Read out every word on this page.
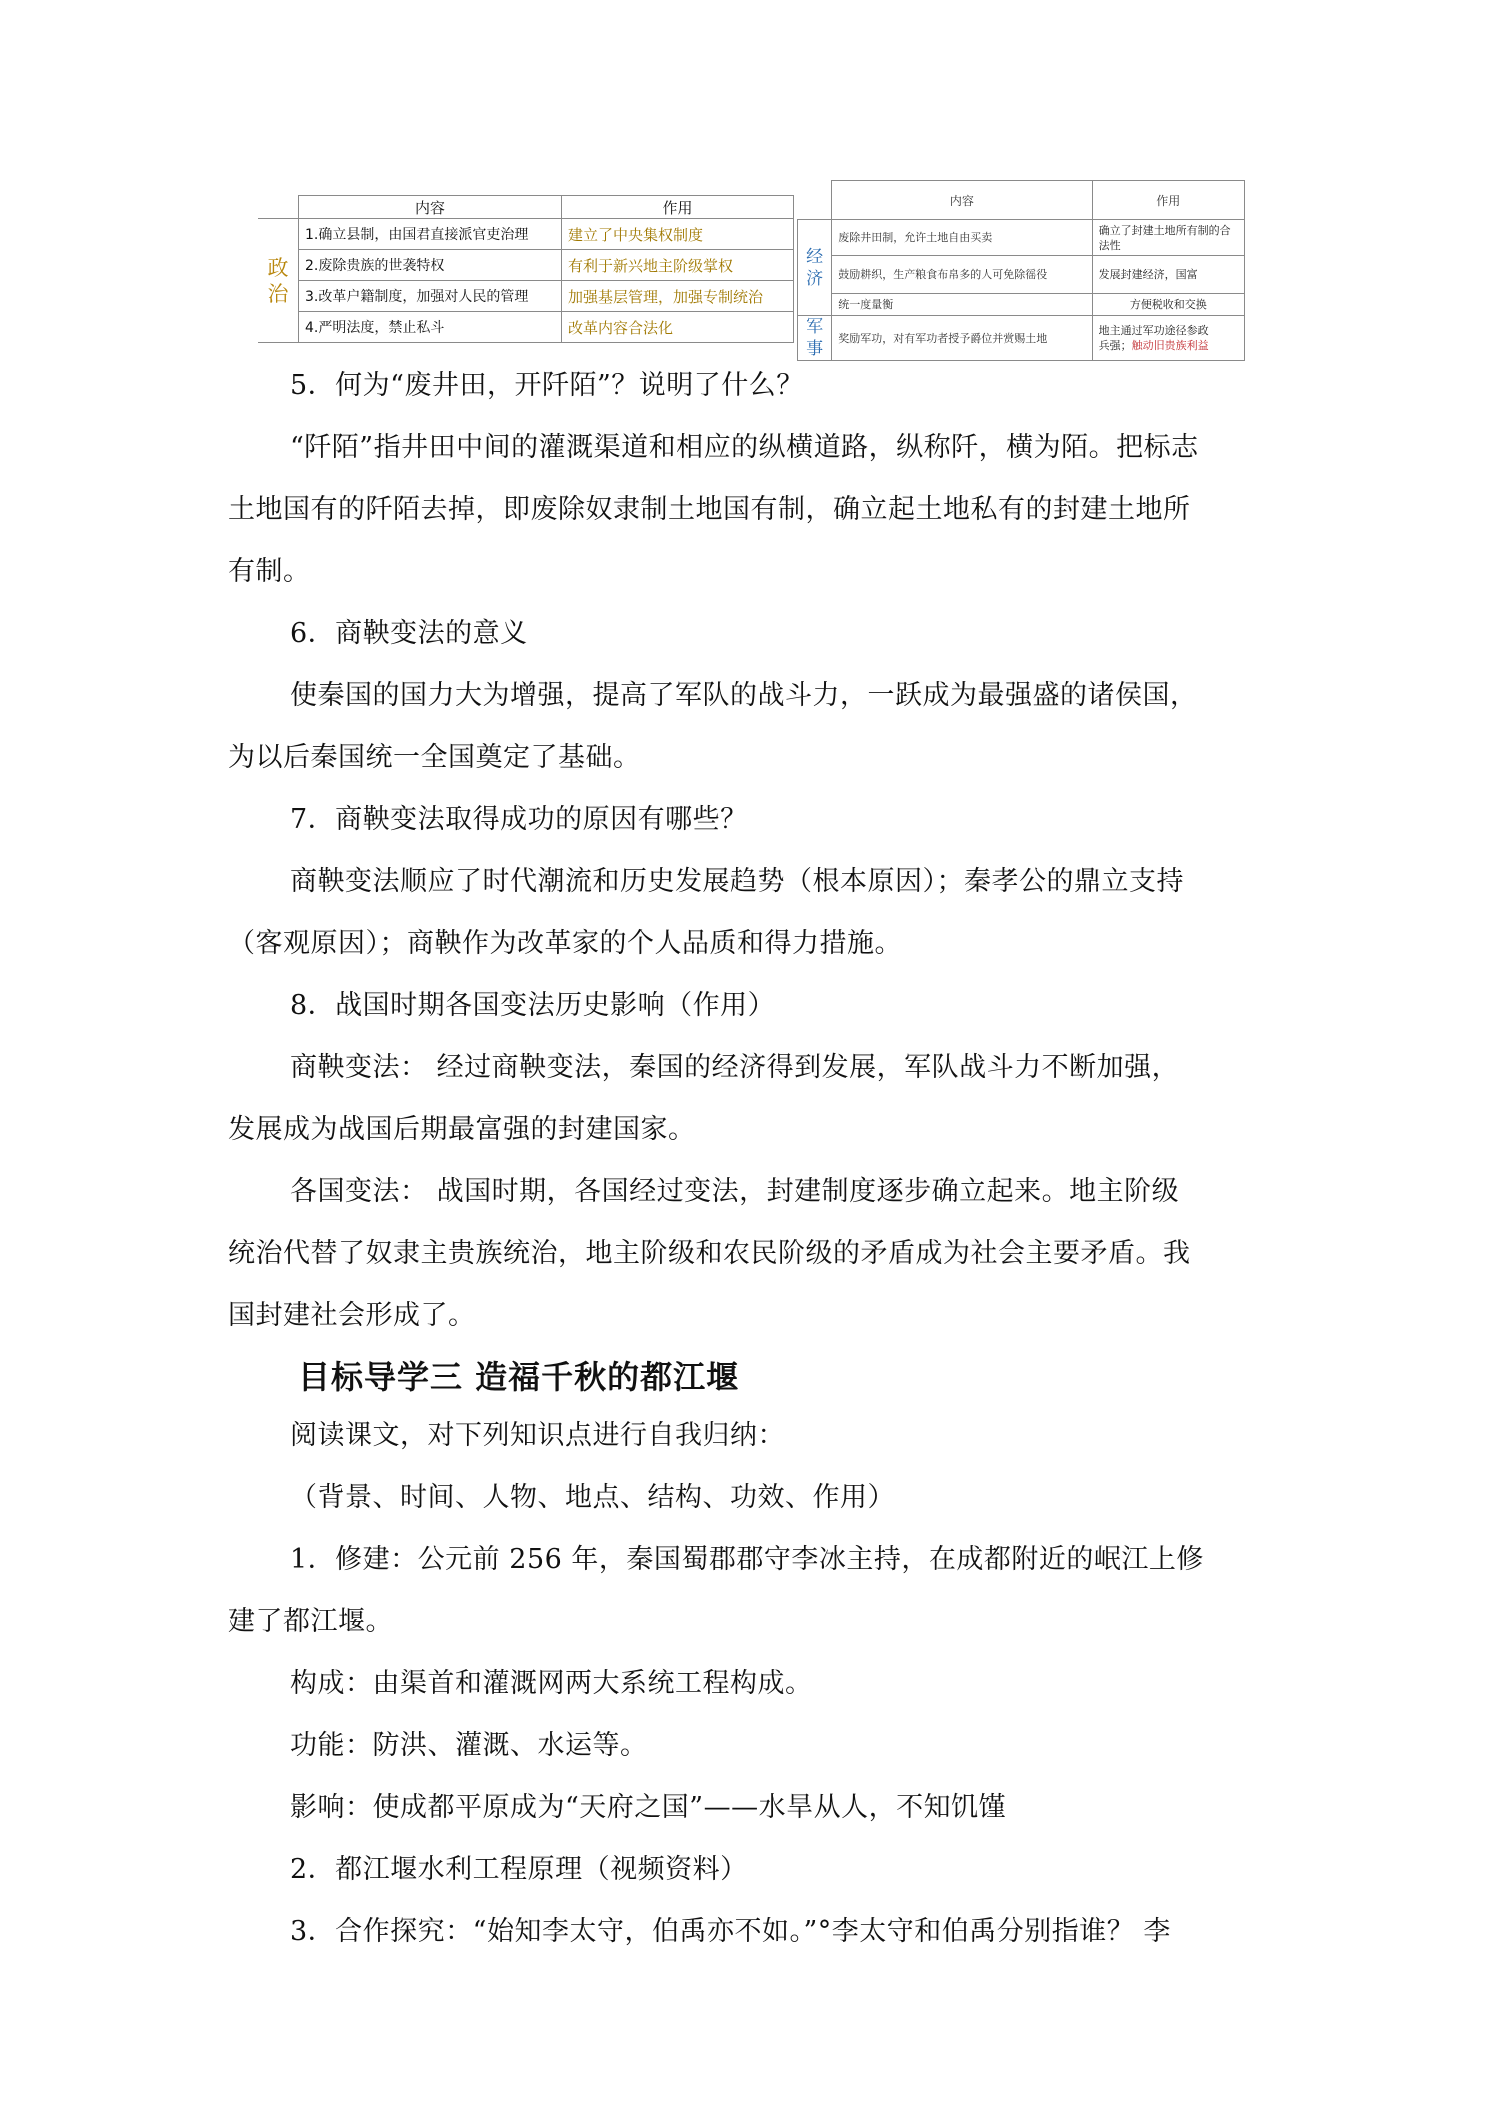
	内容	作用
政治	1.确立县制，由国君直接派官吏治理	建立了中央集权制度
	2.废除贵族的世袭特权	有利于新兴地主阶级掌权
	3.改革户籍制度，加强对人民的管理	加强基层管理，加强专制统治
	4.严明法度，禁止私斗	改革内容合法化
	内容	作用
经济	废除井田制，允许土地自由买卖	确立了封建土地所有制的合法性
	鼓励耕织，生产粮食布帛多的人可免除徭役	发展封建经济，国富
	统一度量衡	方便税收和交换
军事	奖励军功，对有军功者授予爵位并赏赐土地	地主通过军功途径参政
兵强；触动旧贵族利益
5．何为“废井田，开阡陌”？说明了什么？
“阡陌”指井田中间的灌溉渠道和相应的纵横道路，纵称阡，横为陌。把标志
土地国有的阡陌去掉，即废除奴隶制土地国有制，确立起土地私有的封建土地所
有制。
6．商鞅变法的意义
使秦国的国力大为增强，提高了军队的战斗力，一跃成为最强盛的诸侯国，
为以后秦国统一全国奠定了基础。
7．商鞅变法取得成功的原因有哪些？
商鞅变法顺应了时代潮流和历史发展趋势（根本原因）；秦孝公的鼎立支持
（客观原因）；商鞅作为改革家的个人品质和得力措施。
8．战国时期各国变法历史影响（作用）
商鞅变法： 经过商鞅变法，秦国的经济得到发展，军队战斗力不断加强，
发展成为战国后期最富强的封建国家。
各国变法： 战国时期，各国经过变法，封建制度逐步确立起来。地主阶级
统治代替了奴隶主贵族统治，地主阶级和农民阶级的矛盾成为社会主要矛盾。我
国封建社会形成了。
目标导学三 造福千秋的都江堰
阅读课文，对下列知识点进行自我归纳：
（背景、时间、人物、地点、结构、功效、作用）
1．修建：公元前 256 年，秦国蜀郡郡守李冰主持，在成都附近的岷江上修
建了都江堰。
构成：由渠首和灌溉网两大系统工程构成。
功能：防洪、灌溉、水运等。
影响：使成都平原成为“天府之国”——水旱从人，不知饥馑
2．都江堰水利工程原理（视频资料）
3．合作探究：“始知李太守，伯禹亦不如。”°李太守和伯禹分别指谁？ 李
